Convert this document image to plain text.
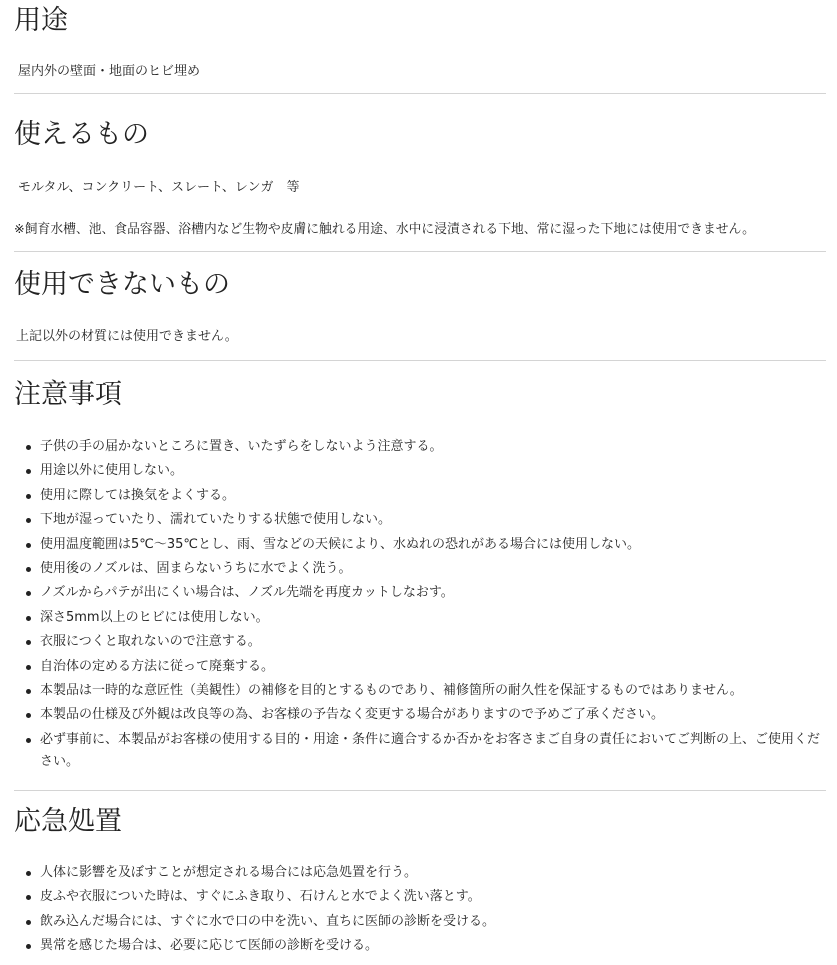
用途

屋内外の壁面・地面のヒビ埋め

使えるもの

モルタル、コンクリート、スレート、レンガ　等

※飼育水槽、池、食品容器、浴槽内など生物や皮膚に触れる用途、水中に浸漬される下地、常に湿った下地には使用できません。

使用できないもの

上記以外の材質には使用できません。

注意事項
子供の手の届かないところに置き、いたずらをしないよう注意する。
用途以外に使用しない。
使用に際しては換気をよくする。
下地が湿っていたり、濡れていたりする状態で使用しない。
使用温度範囲は5℃～35℃とし、雨、雪などの天候により、水ぬれの恐れがある場合には使用しない。
使用後のノズルは、固まらないうちに水でよく洗う。
ノズルからパテが出にくい場合は、ノズル先端を再度カットしなおす。
深さ5mm以上のヒビには使用しない。
衣服につくと取れないので注意する。
自治体の定める方法に従って廃棄する。
本製品は一時的な意匠性（美観性）の補修を目的とするものであり、補修箇所の耐久性を保証するものではありません。
本製品の仕様及び外観は改良等の為、お客様の予告なく変更する場合がありますので予めご了承ください。
必ず事前に、本製品がお客様の使用する目的・用途・条件に適合するか否かをお客さまご自身の責任においてご判断の上、ご使用ください。
応急処置
人体に影響を及ぼすことが想定される場合には応急処置を行う。
皮ふや衣服についた時は、すぐにふき取り、石けんと水でよく洗い落とす。
飲み込んだ場合には、すぐに水で口の中を洗い、直ちに医師の診断を受ける。
異常を感じた場合は、必要に応じて医師の診断を受ける。
